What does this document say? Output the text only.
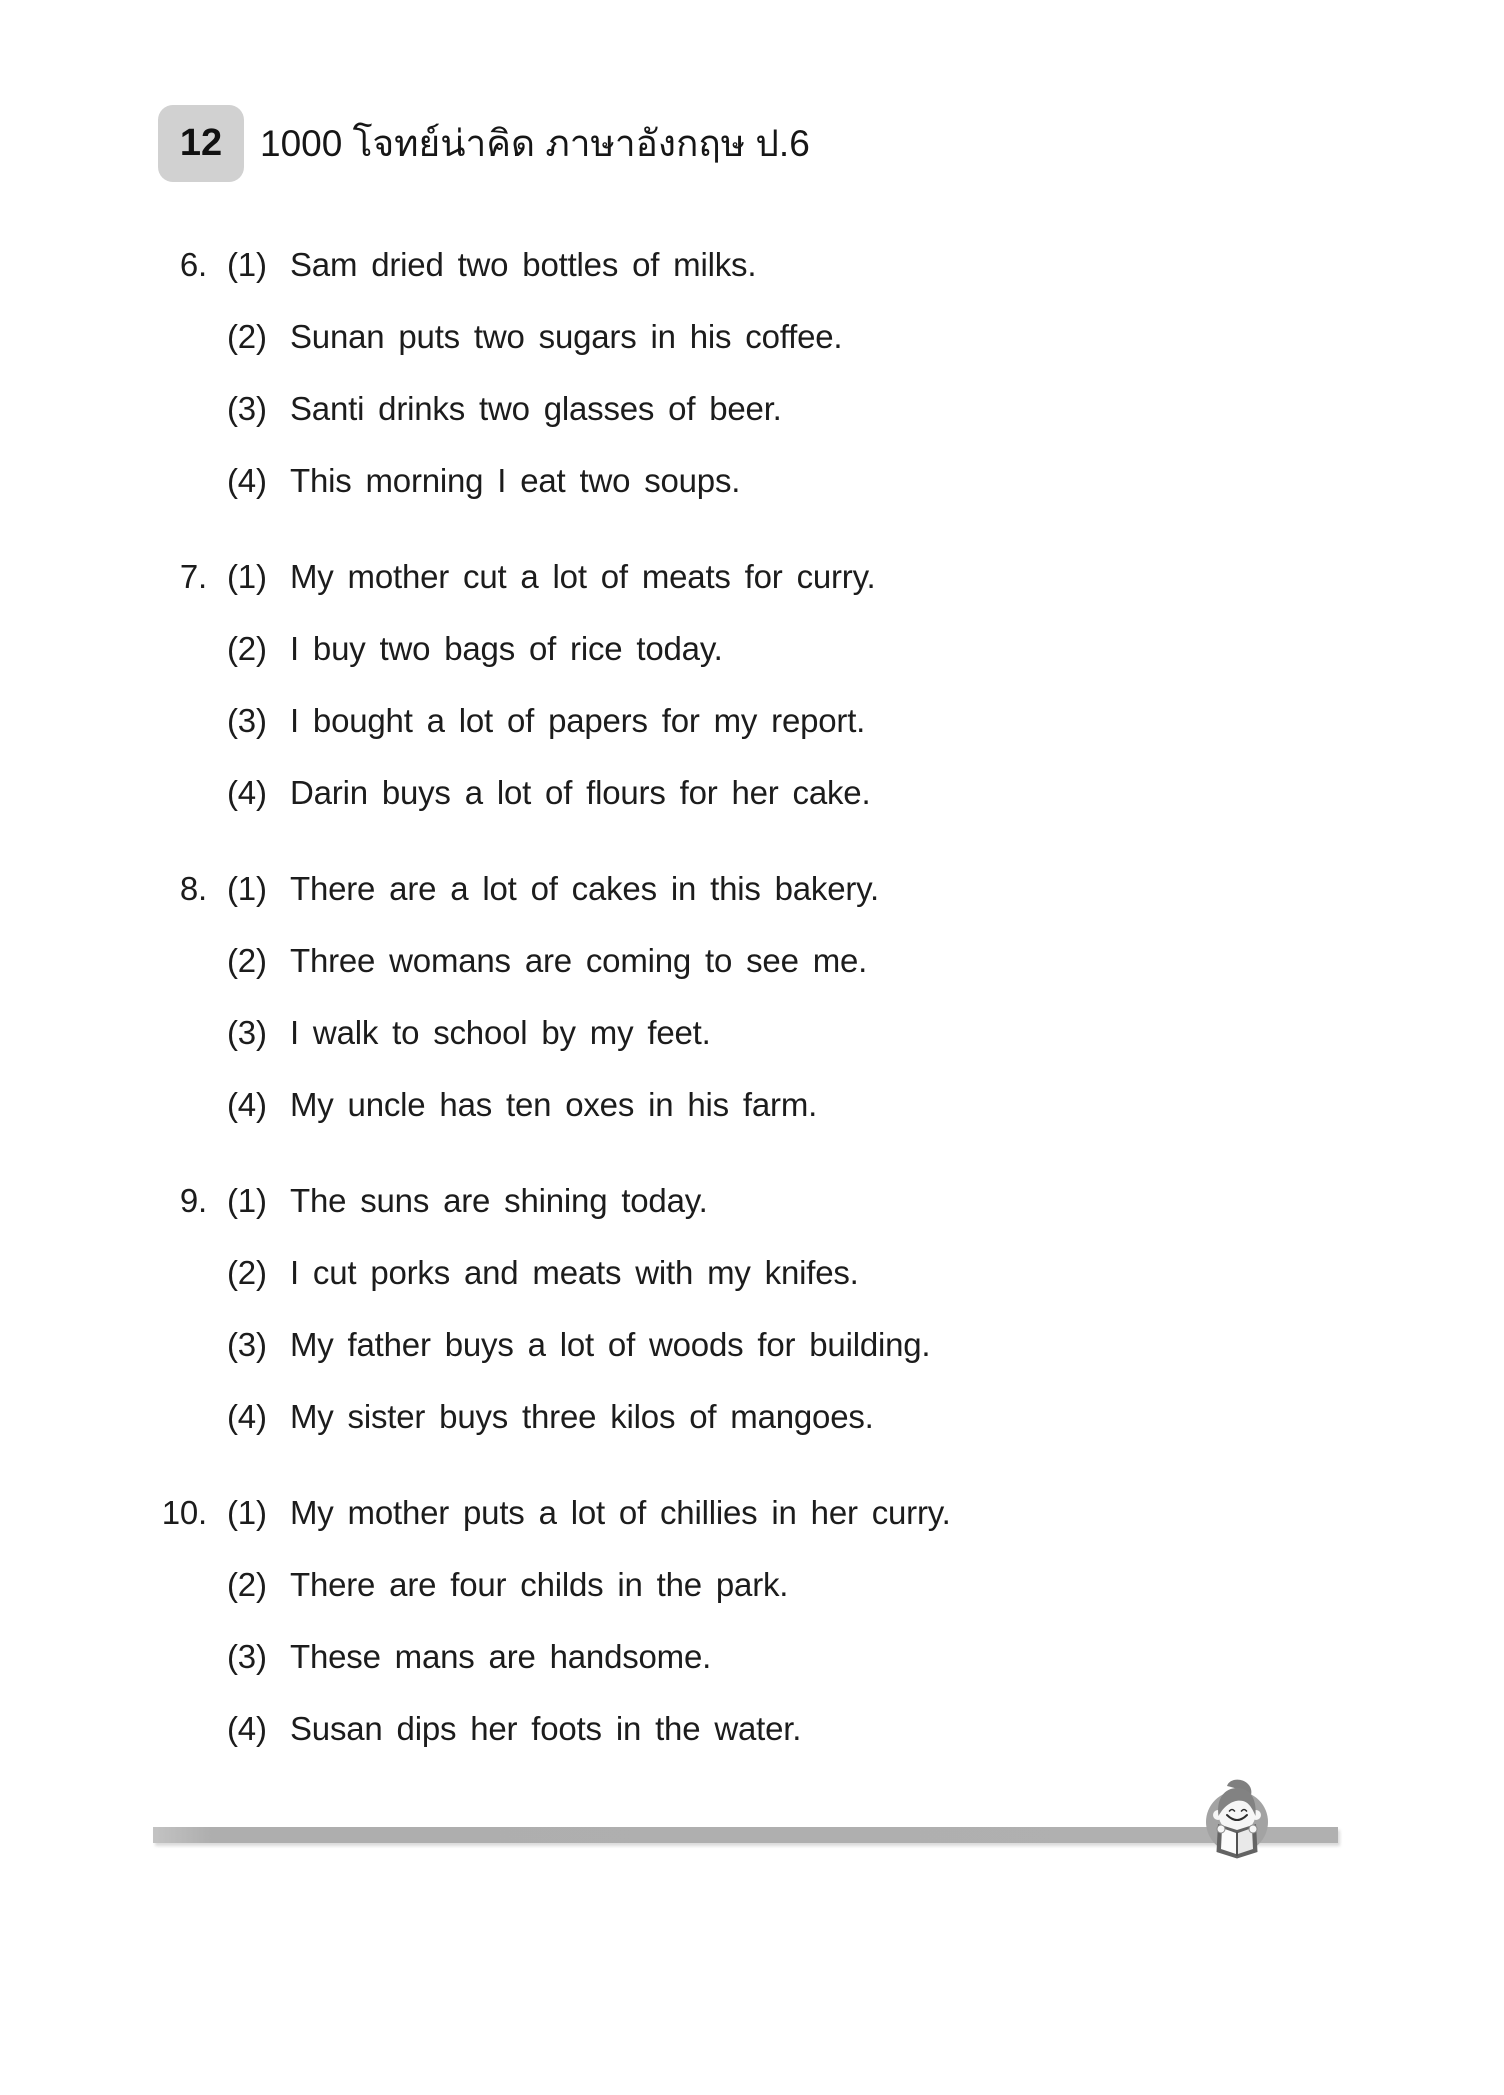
12	1000 โจทย์น่าคิด ภาษาอังกฤษ ป.6
6. (1) Sam dried two bottles of milks.
(2) Sunan puts two sugars in his coffee.
(3) Santi drinks two glasses of beer.
(4) This morning I eat two soups.
7. (1) My mother cut a lot of meats for curry.
(2) I buy two bags of rice today.
(3) I bought a lot of papers for my report.
(4) Darin buys a lot of flours for her cake.
8. (1) There are a lot of cakes in this bakery.
(2) Three womans are coming to see me.
(3) I walk to school by my feet.
(4) My uncle has ten oxes in his farm.
9. (1) The suns are shining today.
(2) I cut porks and meats with my knifes.
(3) My father buys a lot of woods for building.
(4) My sister buys three kilos of mangoes.
10. (1) My mother puts a lot of chillies in her curry.
(2) There are four childs in the park.
(3) These mans are handsome.
(4) Susan dips her foots in the water.
